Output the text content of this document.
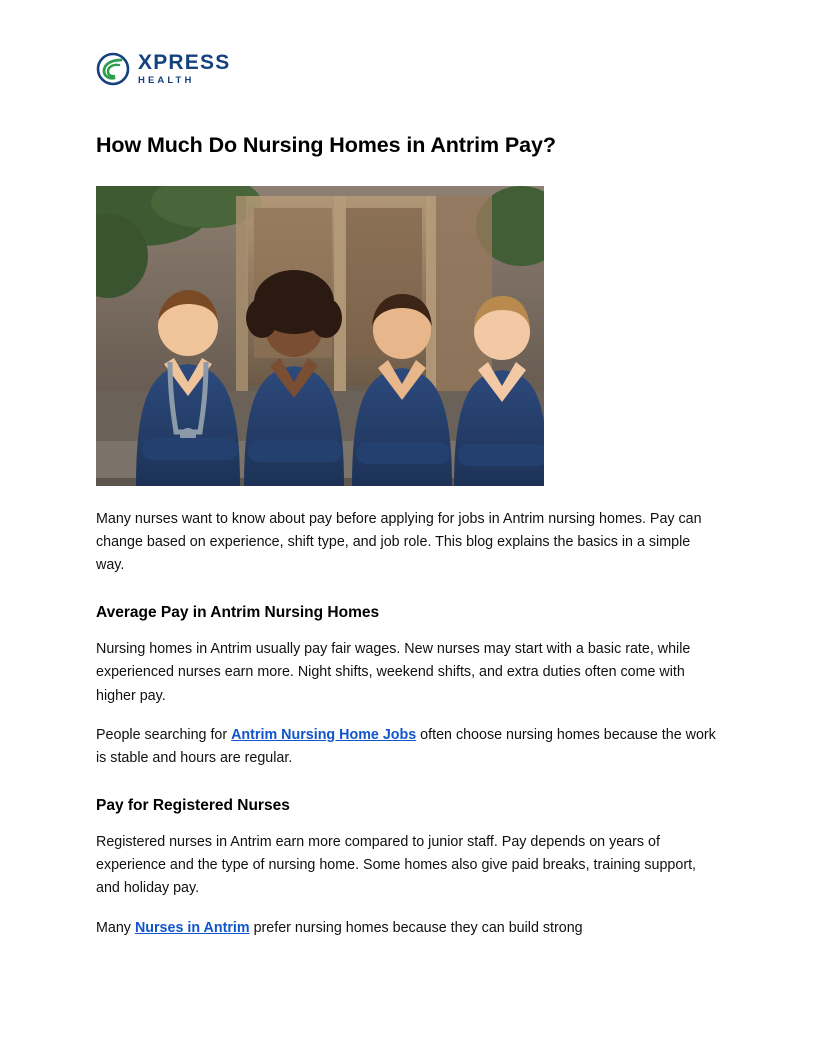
XPRESS
HEALTH
How Much Do Nursing Homes in Antrim Pay?

Many nurses want to know about pay before applying for jobs in Antrim nursing homes. Pay can change based on experience, shift type, and job role. This blog explains the basics in a simple way.

Average Pay in Antrim Nursing Homes

Nursing homes in Antrim usually pay fair wages. New nurses may start with a basic rate, while experienced nurses earn more. Night shifts, weekend shifts, and extra duties often come with higher pay.

People searching for Antrim Nursing Home Jobs often choose nursing homes because the work is stable and hours are regular.

Pay for Registered Nurses

Registered nurses in Antrim earn more compared to junior staff. Pay depends on years of experience and the type of nursing home. Some homes also give paid breaks, training support, and holiday pay.

Many Nurses in Antrim prefer nursing homes because they can build strong
